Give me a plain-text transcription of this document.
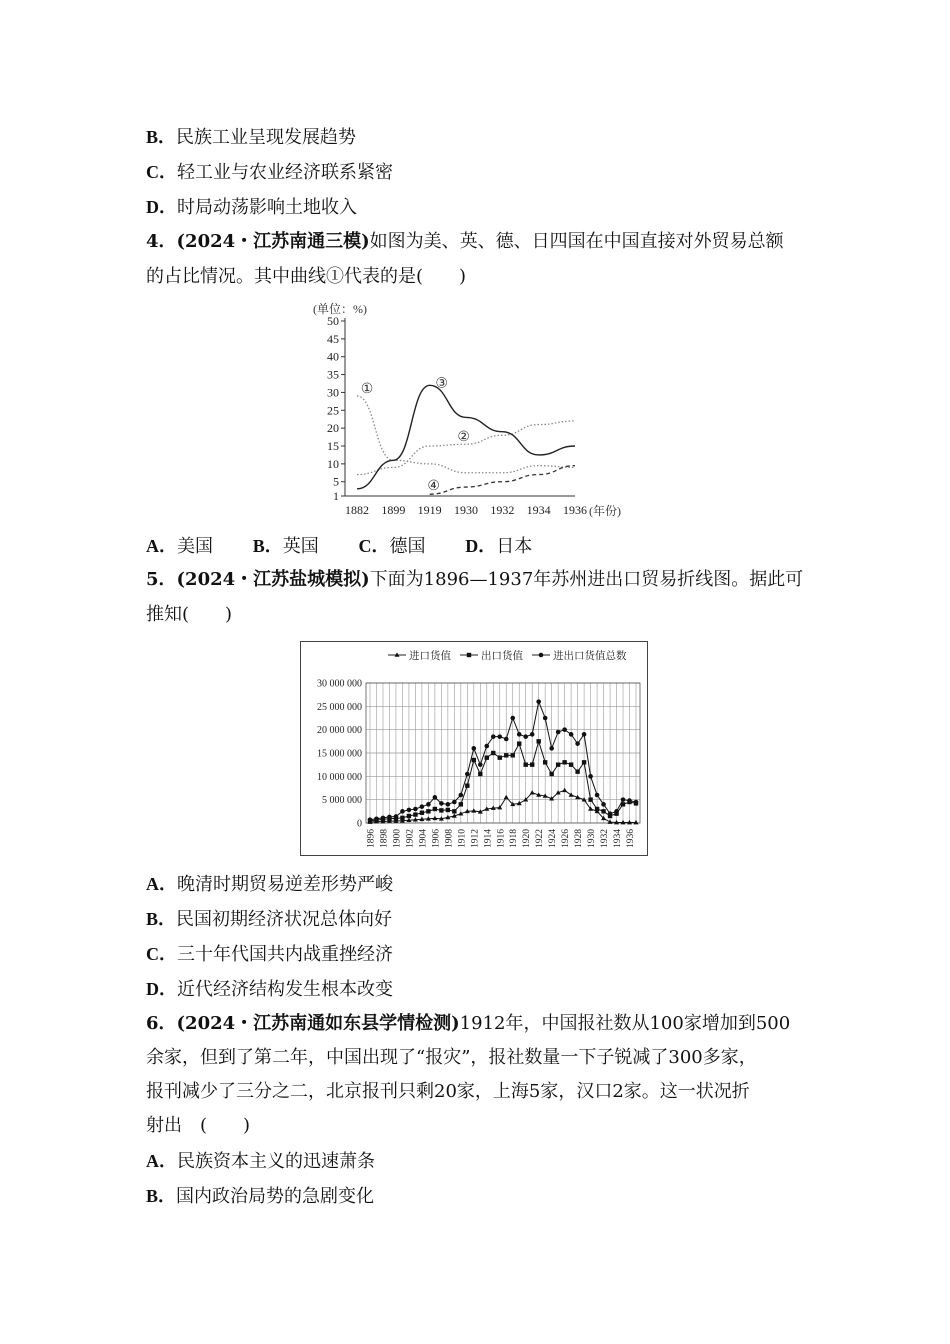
B．民族工业呈现发展趋势
C．轻工业与农业经济联系紧密
D．时局动荡影响土地收入
4．(2024・江苏南通三模)如图为美、英、德、日四国在中国直接对外贸易总额
的占比情况。其中曲线①代表的是(　　)
(单位：%)
1
5
10
15
20
25
30
35
40
45
50
1882 1899 1919 1930 1932 1934 1936 (年份)
①
②
③
④
A．美国 B．英国 C．德国 D．日本
5．(2024・江苏盐城模拟)下面为1896—1937年苏州进出口贸易折线图。据此可
推知(　　)
进口货值	出口货值	进出口货值总数
0
5 000 000
10 000 000
15 000 000
20 000 000
25 000 000
30 000 000
1896 1898 1900 1902 1904 1906 1908 1910 1912 1914 1916 1918 1920 1922 1924 1926 1928 1930 1932 1934 1936
A．晚清时期贸易逆差形势严峻
B．民国初期经济状况总体向好
C．三十年代国共内战重挫经济
D．近代经济结构发生根本改变
6．(2024・江苏南通如东县学情检测)1912年，中国报社数从100家增加到500
余家，但到了第二年，中国出现了“报灾”，报社数量一下子锐减了300多家，
报刊减少了三分之二，北京报刊只剩20家，上海5家，汉口2家。这一状况折
射出　(　　)
A．民族资本主义的迅速萧条
B．国内政治局势的急剧变化
